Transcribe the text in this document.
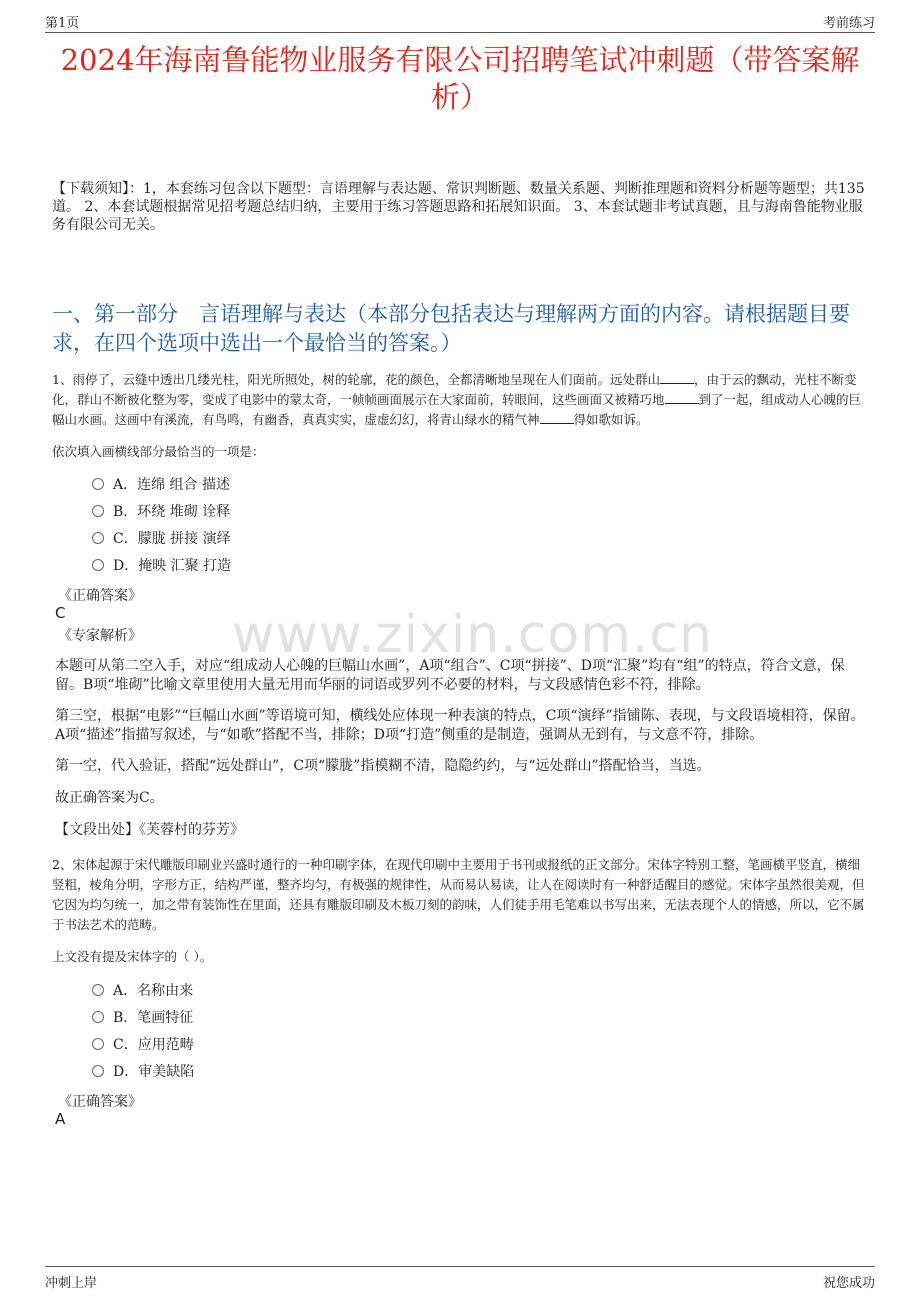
第1页	考前练习
2024年海南鲁能物业服务有限公司招聘笔试冲刺题（带答案解析）
【下载须知】：1，本套练习包含以下题型：言语理解与表达题、常识判断题、数量关系题、判断推理题和资料分析题等题型；共135道。 2、本套试题根据常见招考题总结归纳，主要用于练习答题思路和拓展知识面。 3、本套试题非考试真题，且与海南鲁能物业服务有限公司无关。
一、第一部分　言语理解与表达（本部分包括表达与理解两方面的内容。请根据题目要求，在四个选项中选出一个最恰当的答案。）
1、雨停了，云缝中透出几缕光柱，阳光所照处，树的轮廓，花的颜色，全都清晰地呈现在人们面前。远处群山	，由于云的飘动，光柱不断变化，群山不断被化整为零，变成了电影中的蒙太奇，一帧帧画面展示在大家面前，转眼间，这些画面又被精巧地	到了一起，组成动人心魄的巨幅山水画。这画中有溪流，有鸟鸣，有幽香，真真实实，虚虚幻幻，将青山绿水的精气神	得如歌如诉。
依次填入画横线部分最恰当的一项是：
A．连绵 组合 描述
B．环绕 堆砌 诠释
C．朦胧 拼接 演绎
D．掩映 汇聚 打造
《正确答案》
C
《专家解析》 www.zixin.com.cn
本题可从第二空入手，对应“组成动人心魄的巨幅山水画”，A项“组合”、C项“拼接”、D项“汇聚”均有“组”的特点，符合文意，保留。B项“堆砌”比喻文章里使用大量无用而华丽的词语或罗列不必要的材料，与文段感情色彩不符，排除。
第三空，根据“电影”“巨幅山水画”等语境可知，横线处应体现一种表演的特点，C项“演绎”指铺陈、表现，与文段语境相符，保留。A项“描述”指描写叙述，与“如歌”搭配不当，排除；D项“打造”侧重的是制造，强调从无到有，与文意不符，排除。
第一空，代入验证，搭配“远处群山”，C项“朦胧”指模糊不清，隐隐约约，与“远处群山”搭配恰当，当选。
故正确答案为C。
【文段出处】《芙蓉村的芬芳》
2、宋体起源于宋代雕版印刷业兴盛时通行的一种印刷字体，在现代印刷中主要用于书刊或报纸的正文部分。宋体字特别工整，笔画横平竖直，横细竖粗，棱角分明，字形方正，结构严谨，整齐均匀，有极强的规律性，从而易认易读，让人在阅读时有一种舒适醒目的感觉。宋体字虽然很美观，但它因为均匀统一，加之带有装饰性在里面，还具有雕版印刷及木板刀刻的韵味，人们徒手用毛笔难以书写出来，无法表现个人的情感，所以，它不属于书法艺术的范畴。
上文没有提及宋体字的（ ）。
A．名称由来
B．笔画特征
C．应用范畴
D．审美缺陷
《正确答案》
A
冲刺上岸	祝您成功
